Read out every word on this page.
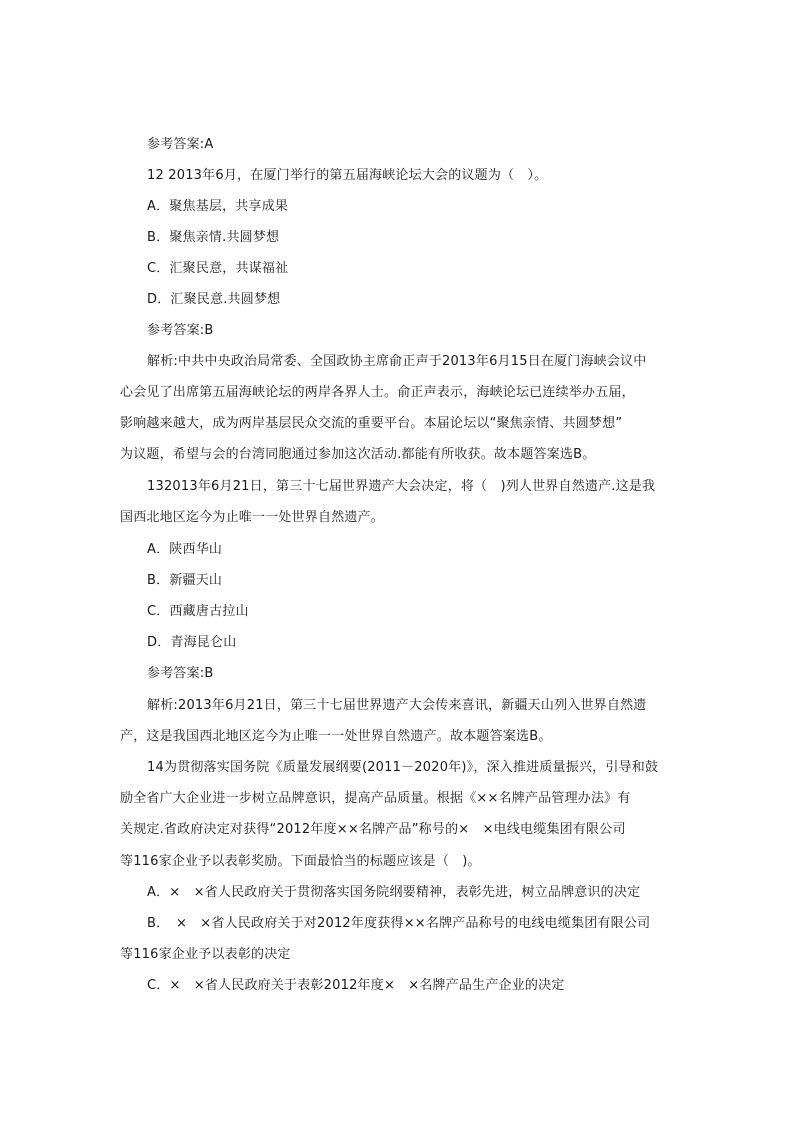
参考答案:A
12 2013年6月，在厦门举行的第五届海峡论坛大会的议题为（　）。
A．聚焦基层，共享成果
B．聚焦亲情.共圆梦想
C．汇聚民意，共谋福祉
D．汇聚民意.共圆梦想
参考答案:B
解析:中共中央政治局常委、全国政协主席俞正声于2013年6月15日在厦门海峡会议中
心会见了出席第五届海峡论坛的两岸各界人士。俞正声表示，海峡论坛已连续举办五届，
影响越来越大，成为两岸基层民众交流的重要平台。本届论坛以“聚焦亲情、共圆梦想”
为议题，希望与会的台湾同胞通过参加这次活动.都能有所收获。故本题答案选B。
132013年6月21日，第三十七届世界遗产大会决定，将（　)列人世界自然遗产.这是我
国西北地区迄今为止唯一一处世界自然遗产。
A．陕西华山
B．新疆天山
C．西藏唐古拉山
D．青海昆仑山
参考答案:B
解析:2013年6月21日，第三十七届世界遗产大会传来喜讯，新疆天山列入世界自然遗
产，这是我国西北地区迄今为止唯一一处世界自然遗产。故本题答案选B。
14为贯彻落实国务院《质量发展纲要(2011－2020年)》，深入推进质量振兴，引导和鼓
励全省广大企业进一步树立品牌意识，提高产品质量。根据《××名牌产品管理办法》有
关规定.省政府决定对获得“2012年度××名牌产品”称号的×　×电线电缆集团有限公司
等116家企业予以表彰奖励。下面最恰当的标题应该是（　)。
A．×　×省人民政府关于贯彻落实国务院纲要精神，表彰先进，树立品牌意识的决定
B．　×　×省人民政府关于对2012年度获得××名牌产品称号的电线电缆集团有限公司
等116家企业予以表彰的决定
C．×　×省人民政府关于表彰2012年度×　×名牌产品生产企业的决定
